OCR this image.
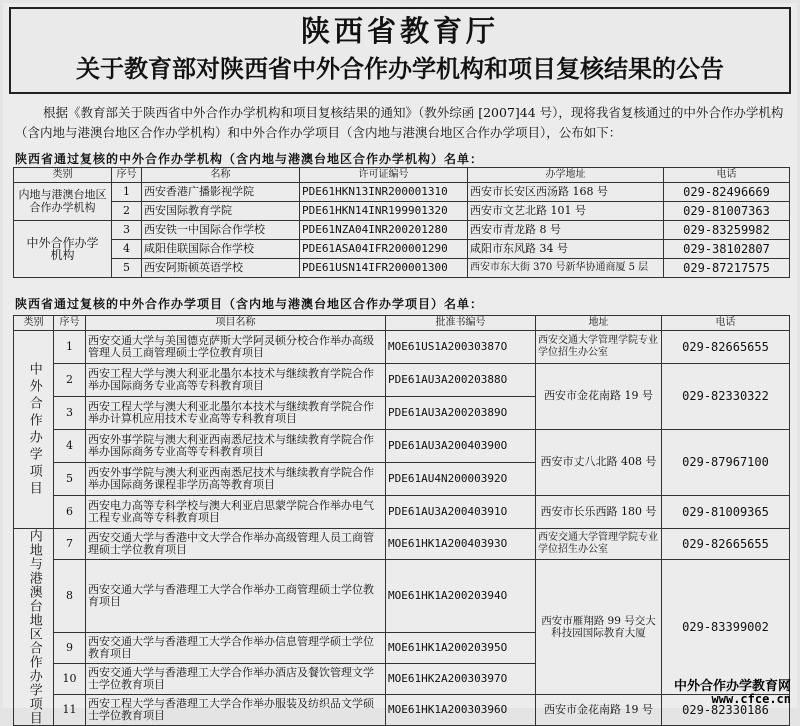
陕西省教育厅
关于教育部对陕西省中外合作办学机构和项目复核结果的公告
根据《教育部关于陕西省中外合作办学机构和项目复核结果的通知》（教外综函 [2007]44 号），现将我省复核通过的中外合作办学机构（含内地与港澳台地区合作办学机构）和中外合作办学项目（含内地与港澳台地区合作办学项目），公布如下：
陕西省通过复核的中外合作办学机构（含内地与港澳台地区合作办学机构）名单：
类别	序号	名称	许可证编号	办学地址	电话
内地与港澳台地区合作办学机构	1	西安香港广播影视学院	PDE61HKN13INR200001310	西安市长安区西汤路 168 号	029-82496669
	2	西安国际教育学院	PDE61HKN14INR199901320	西安市文艺北路 101 号	029-81007363
中外合作办学机构	3	西安铁一中国际合作学校	PDE61NZA04INR200201280	西安市青龙路 8 号	029-83259982
	4	咸阳佳联国际合作学校	PDE61ASA04IFR200001290	咸阳市东风路 34 号	029-38102807
	5	西安阿斯顿英语学校	PDE61USN14IFR200001300	西安市东大街 370 号新华协通商厦 5 层	029-87217575
陕西省通过复核的中外合作办学项目（含内地与港澳台地区合作办学项目）名单：
类别	序号	项目名称	批准书编号	地址	电话
中外合作办学项目	1	西安交通大学与美国德克萨斯大学阿灵顿分校合作举办高级管理人员工商管理硕士学位教育项目	MOE61US1A20030387O	西安交通大学管理学院专业学位招生办公室	029-82665655
	2	西安工程大学与澳大利亚北墨尔本技术与继续教育学院合作举办国际商务专业高等专科教育项目	PDE61AU3A20020388O	西安市金花南路 19 号	029-82330322
	3	西安工程大学与澳大利亚北墨尔本技术与继续教育学院合作举办计算机应用技术专业高等专科教育项目	PDE61AU3A20020389O		
	4	西安外事学院与澳大利亚西南悉尼技术与继续教育学院合作举办国际商务专业高等专科教育项目	PDE61AU3A20040390O	西安市丈八北路 408 号	029-87967100
	5	西安外事学院与澳大利亚西南悉尼技术与继续教育学院合作举办国际商务课程非学历高等教育项目	PDE61AU4N20000392O		
	6	西安电力高等专科学校与澳大利亚启思蒙学院合作举办电气工程专业高等专科教育项目	PDE61AU3A20040391O	西安市长乐西路 180 号	029-81009365
内地与港澳台地区合作办学项目	7	西安交通大学与香港中文大学合作举办高级管理人员工商管理硕士学位教育项目	MOE61HK1A20040393O	西安交通大学管理学院专业学位招生办公室	029-82665655
	8	西安交通大学与香港理工大学合作举办工商管理硕士学位教育项目	MOE61HK1A20020394O	西安市雁翔路 99 号交大科技园国际教育大厦	029-83399002
	9	西安交通大学与香港理工大学合作举办信息管理学硕士学位教育项目	MOE61HK1A20020395O		
	10	西安交通大学与香港理工大学合作举办酒店及餐饮管理文学士学位教育项目	MOE61HK2A20030397O		
	11	西安工程大学与香港理工大学合作举办服装及纺织品文学硕士学位教育项目	MOE61HK1A20030396O	西安市金花南路 19 号	029-82330186
中外合作办学教育网
www.cfce.cn
